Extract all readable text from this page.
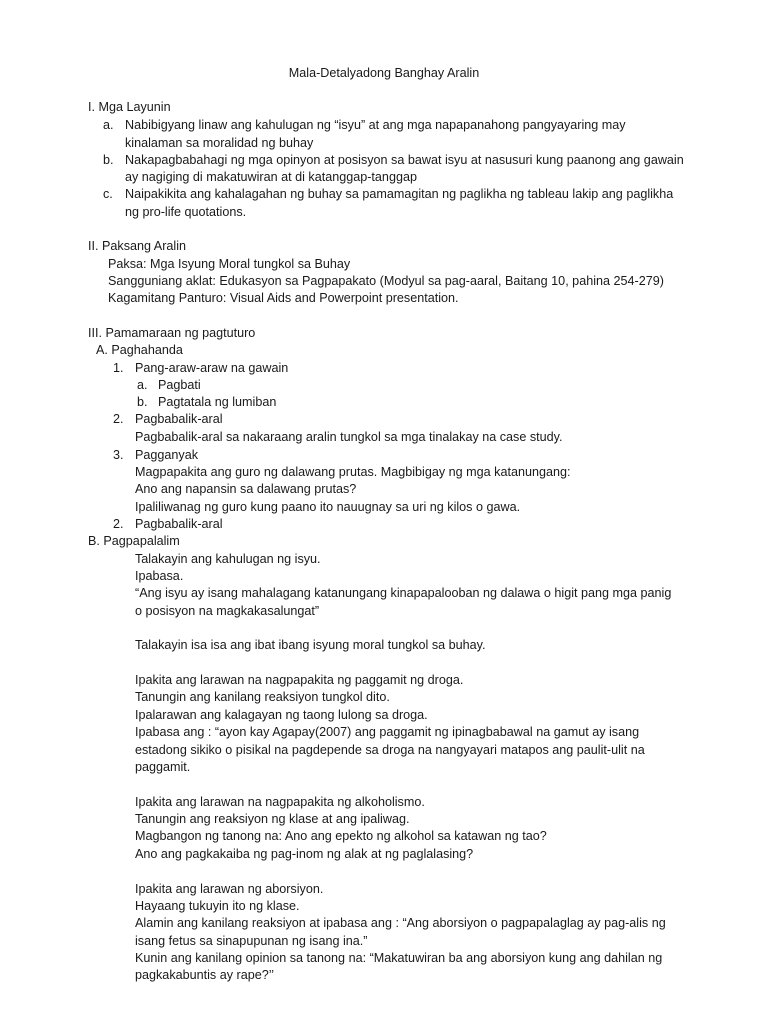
Mala-Detalyadong Banghay Aralin
I. Mga Layunin
a. Nabibigyang linaw ang kahulugan ng “isyu” at ang mga napapanahong pangyayaring may
kinalaman sa moralidad ng buhay
b. Nakapagbabahagi ng mga opinyon at posisyon sa bawat isyu at nasusuri kung paanong ang gawain
ay nagiging di makatuwiran at di katanggap-tanggap
c. Naipakikita ang kahalagahan ng buhay sa pamamagitan ng paglikha ng tableau lakip ang paglikha
ng pro-life quotations.
II. Paksang Aralin
Paksa: Mga Isyung Moral tungkol sa Buhay
Sangguniang aklat: Edukasyon sa Pagpapakato (Modyul sa pag-aaral, Baitang 10, pahina 254-279)
Kagamitang Panturo: Visual Aids and Powerpoint presentation.
III. Pamamaraan ng pagtuturo
A. Paghahanda
1. Pang-araw-araw na gawain
a. Pagbati
b. Pagtatala ng lumiban
2. Pagbabalik-aral
Pagbabalik-aral sa nakaraang aralin tungkol sa mga tinalakay na case study.
3. Pagganyak
Magpapakita ang guro ng dalawang prutas. Magbibigay ng mga katanungang:
Ano ang napansin sa dalawang prutas?
Ipaliliwanag ng guro kung paano ito nauugnay sa uri ng kilos o gawa.
2. Pagbabalik-aral
B. Pagpapalalim
Talakayin ang kahulugan ng isyu.
Ipabasa.
“Ang isyu ay isang mahalagang katanungang kinapapalooban ng dalawa o higit pang mga panig
o posisyon na magkakasalungat”
Talakayin isa isa ang ibat ibang isyung moral tungkol sa buhay.
Ipakita ang larawan na nagpapakita ng paggamit ng droga.
Tanungin ang kanilang reaksiyon tungkol dito.
Ipalarawan ang kalagayan ng taong lulong sa droga.
Ipabasa ang : “ayon kay Agapay(2007) ang paggamit ng ipinagbabawal na gamut ay isang
estadong sikiko o pisikal na pagdepende sa droga na nangyayari matapos ang paulit-ulit na
paggamit.
Ipakita ang larawan na nagpapakita ng alkoholismo.
Tanungin ang reaksiyon ng klase at ang ipaliwag.
Magbangon ng tanong na: Ano ang epekto ng alkohol sa katawan ng tao?
Ano ang pagkakaiba ng pag-inom ng alak at ng paglalasing?
Ipakita ang larawan ng aborsiyon.
Hayaang tukuyin ito ng klase.
Alamin ang kanilang reaksiyon at ipabasa ang : “Ang aborsiyon o pagpapalaglag ay pag-alis ng
isang fetus sa sinapupunan ng isang ina.”
Kunin ang kanilang opinion sa tanong na: “Makatuwiran ba ang aborsiyon kung ang dahilan ng
pagkakabuntis ay rape?’’
